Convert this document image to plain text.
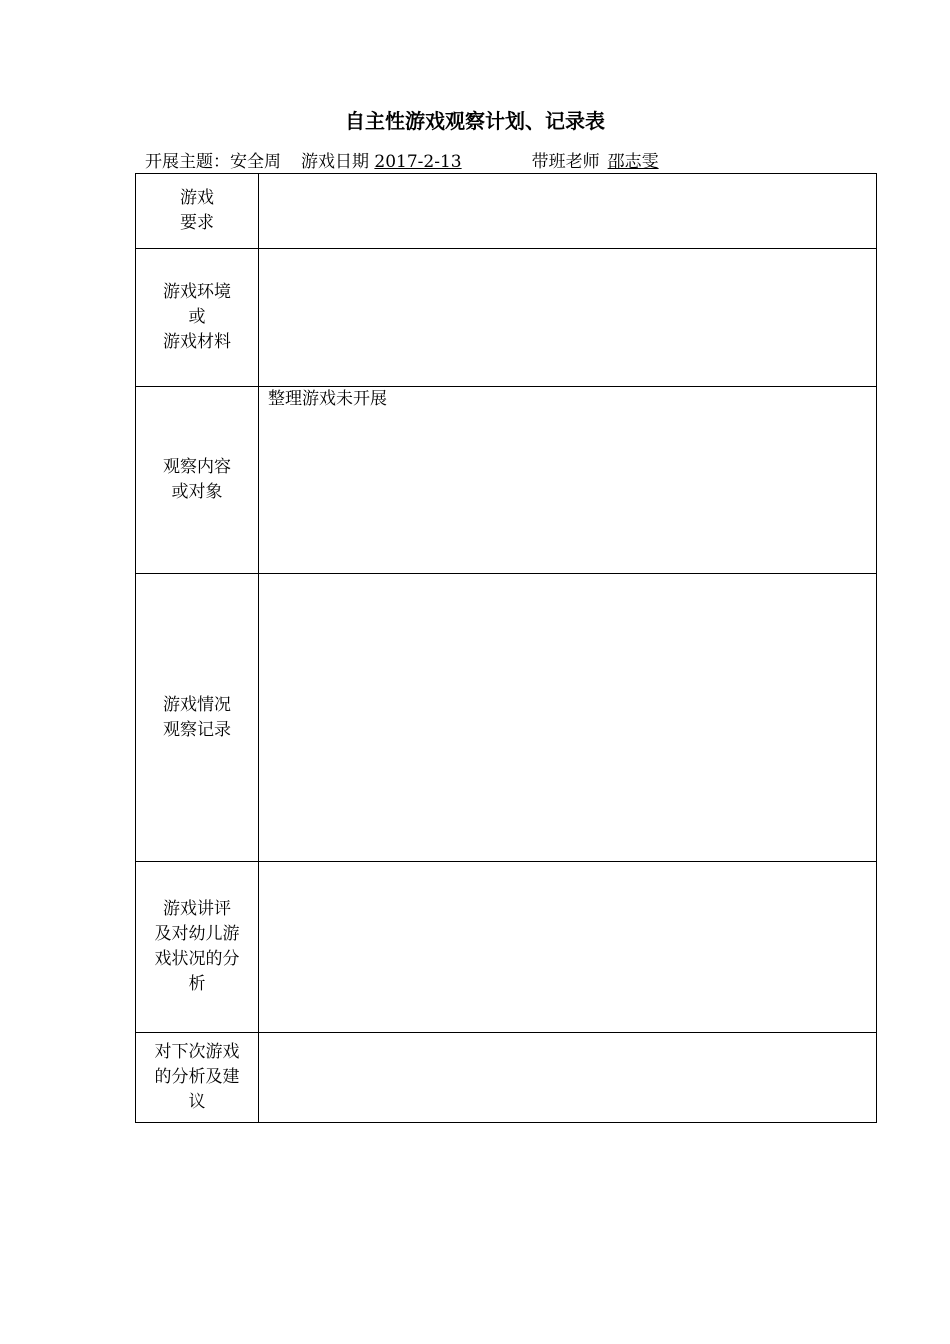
自主性游戏观察计划、记录表
开展主题：安全周 游戏日期 2017-2-13	带班老师 邵志雯
游戏
要求	

游戏环境
或
游戏材料	

观察内容
或对象	整理游戏未开展

游戏情况
观察记录	

游戏讲评
及对幼儿游
戏状况的分
析	

对下次游戏
的分析及建
议	
